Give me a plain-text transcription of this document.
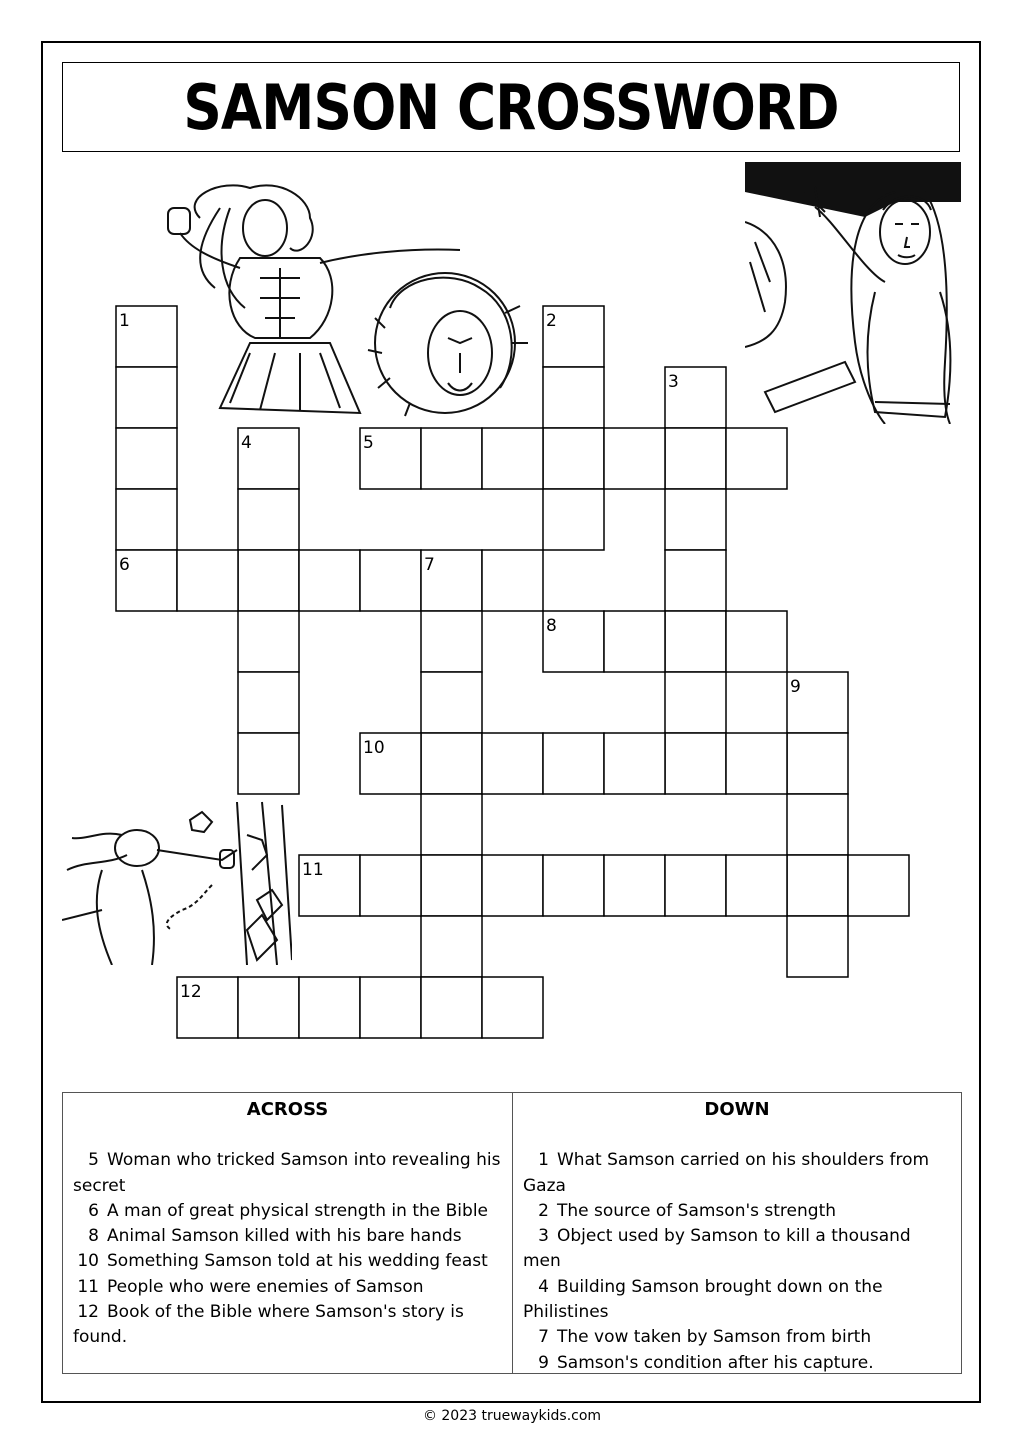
SAMSON CROSSWORD
1	2
3
4	5
6	7
8
9
10
11
12
ACROSS

5 Woman who tricked Samson into revealing his secret

6 A man of great physical strength in the Bible

8 Animal Samson killed with his bare hands

10 Something Samson told at his wedding feast

11 People who were enemies of Samson

12 Book of the Bible where Samson's story is found.

DOWN

1 What Samson carried on his shoulders from Gaza

2 The source of Samson's strength

3 Object used by Samson to kill a thousand men

4 Building Samson brought down on the Philistines

7 The vow taken by Samson from birth

9 Samson's condition after his capture.

© 2023 truewaykids.com
